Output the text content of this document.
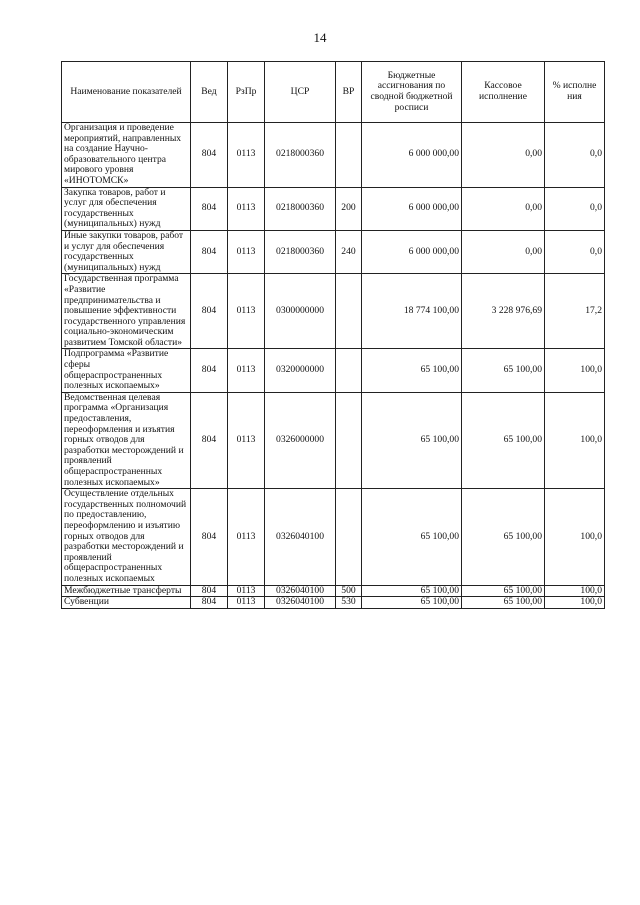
14
Наименование показателей	Вед	РзПр	ЦСР	ВР	Бюджетные ассигнования по сводной бюджетной росписи	Кассовое исполнение	% исполне ния
Организация и проведение мероприятий, направленных на создание Научно-образовательного центра мирового уровня «ИНОТОМСК»	804	0113	0218000360		6 000 000,00	0,00	0,0
Закупка товаров, работ и услуг для обеспечения государственных (муниципальных) нужд	804	0113	0218000360	200	6 000 000,00	0,00	0,0
Иные закупки товаров, работ и услуг для обеспечения государственных (муниципальных) нужд	804	0113	0218000360	240	6 000 000,00	0,00	0,0
Государственная программа «Развитие предпринимательства и повышение эффективности государственного управления социально-экономическим развитием Томской области»	804	0113	0300000000		18 774 100,00	3 228 976,69	17,2
Подпрограмма «Развитие сферы общераспространенных полезных ископаемых»	804	0113	0320000000		65 100,00	65 100,00	100,0
Ведомственная целевая программа «Организация предоставления, переоформления и изъятия горных отводов для разработки месторождений и проявлений общераспространенных полезных ископаемых»	804	0113	0326000000		65 100,00	65 100,00	100,0
Осуществление отдельных государственных полномочий по предоставлению, переоформлению и изъятию горных отводов для разработки месторождений и проявлений общераспространенных полезных ископаемых	804	0113	0326040100		65 100,00	65 100,00	100,0
Межбюджетные трансферты	804	0113	0326040100	500	65 100,00	65 100,00	100,0
Субвенции	804	0113	0326040100	530	65 100,00	65 100,00	100,0
